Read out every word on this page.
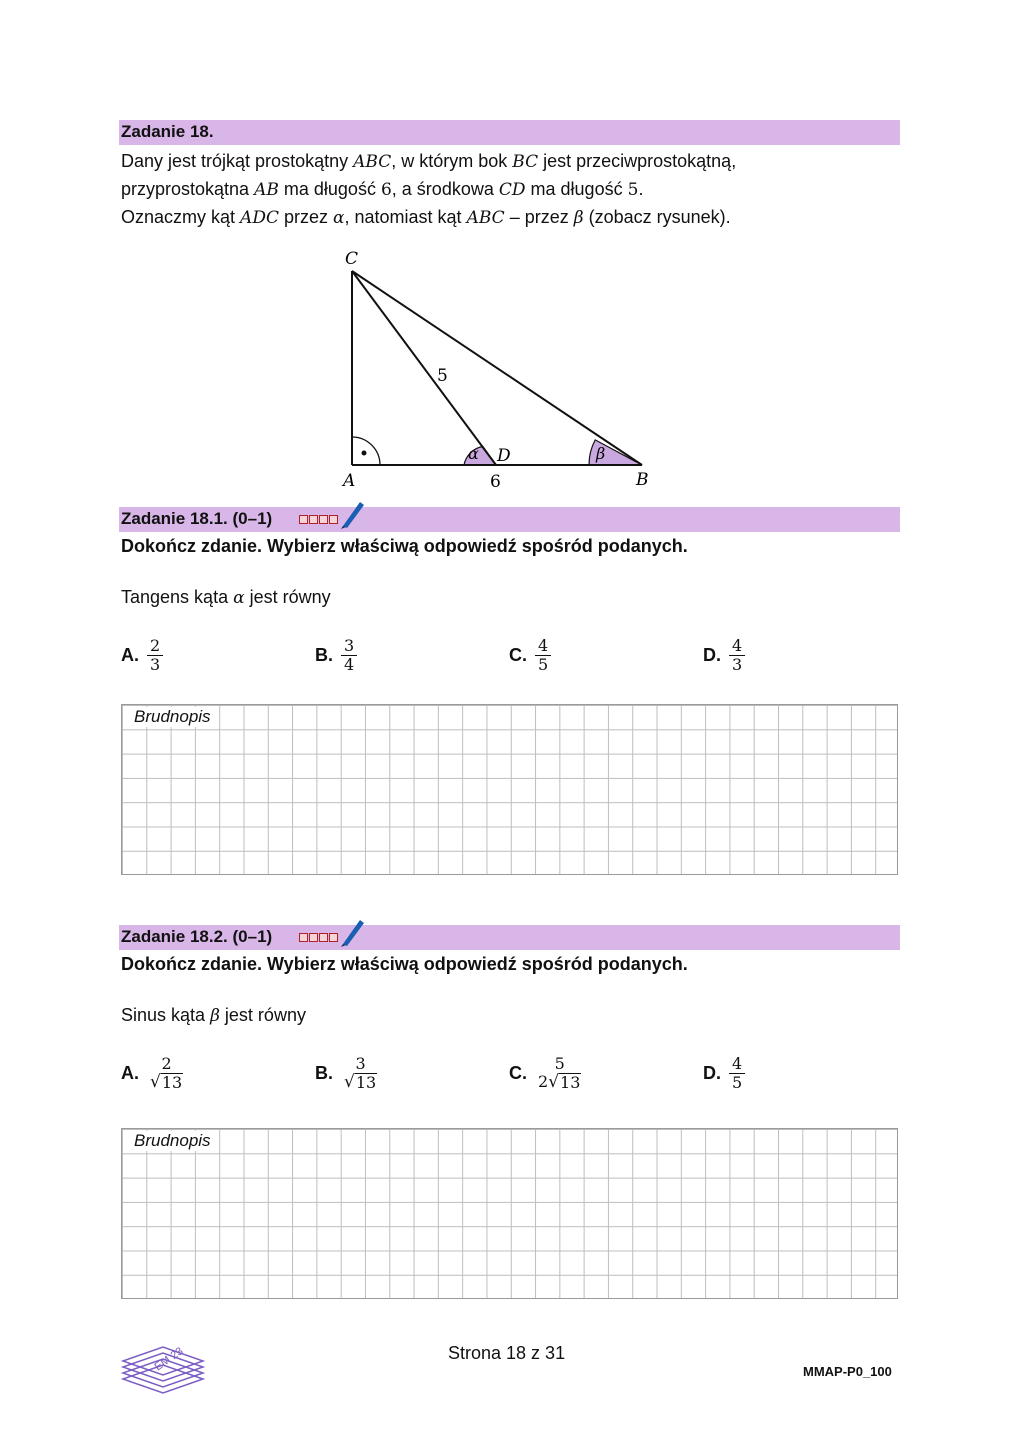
Zadanie 18.
Dany jest trójkąt prostokątny ABC, w którym bok BC jest przeciwprostokątną,
przyprostokątna AB ma długość 6, a środkowa CD ma długość 5.
Oznaczmy kąt ADC przez α, natomiast kąt ABC – przez β (zobacz rysunek).
C
A	B
D
5
6
α	β
Zadanie 18.1. (0–1)
Dokończ zdanie. Wybierz właściwą odpowiedź spośród podanych.
Tangens kąta α jest równy
A. $\frac{2}{3}$	B. $\frac{3}{4}$	C. $\frac{4}{5}$	D. $\frac{4}{3}$
Brudnopis
Zadanie 18.2. (0–1)
Dokończ zdanie. Wybierz właściwą odpowiedź spośród podanych.
Sinus kąta β jest równy
A. 2
√ 13	B. 3
√ 13	C. 5
2 √ 13	D. $\frac{4}{5}$
Brudnopis
EM 23	Strona 18 z 31
MMAP-P0_100
